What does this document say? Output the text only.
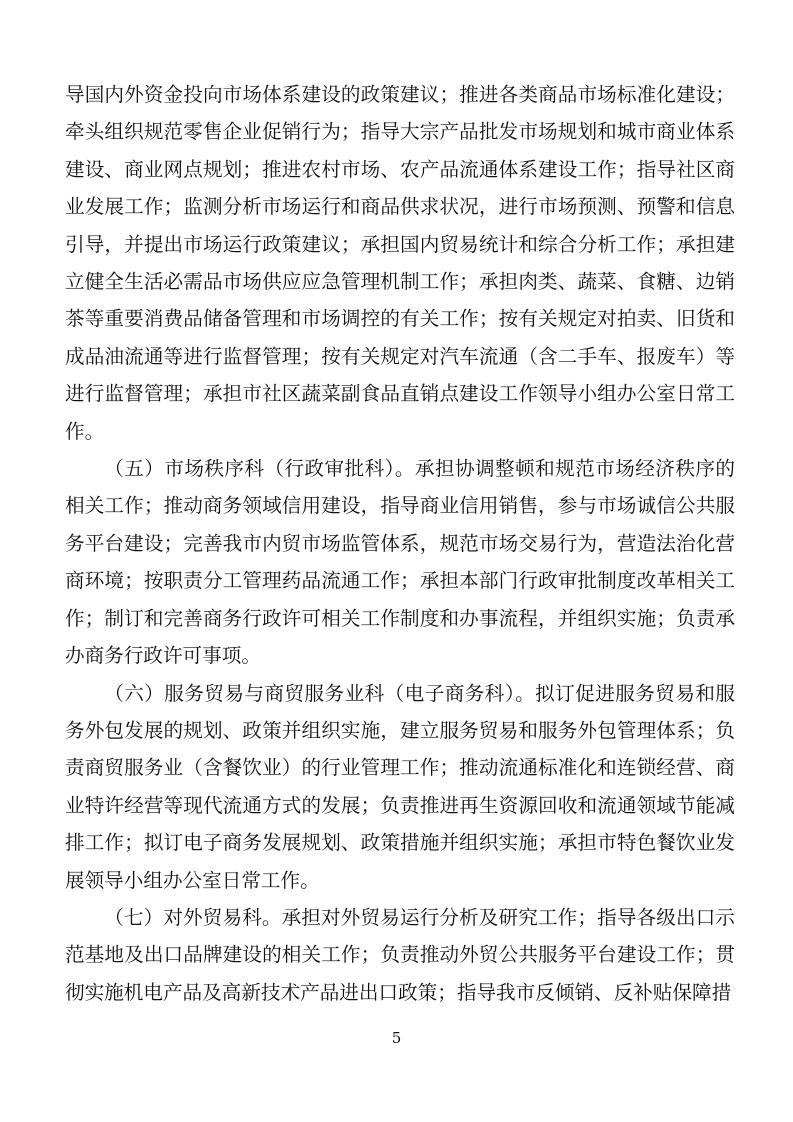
导国内外资金投向市场体系建设的政策建议；推进各类商品市场标准化建设；牵头组织规范零售企业促销行为；指导大宗产品批发市场规划和城市商业体系建设、商业网点规划；推进农村市场、农产品流通体系建设工作；指导社区商业发展工作；监测分析市场运行和商品供求状况，进行市场预测、预警和信息引导，并提出市场运行政策建议；承担国内贸易统计和综合分析工作；承担建立健全生活必需品市场供应应急管理机制工作；承担肉类、蔬菜、食糖、边销茶等重要消费品储备管理和市场调控的有关工作；按有关规定对拍卖、旧货和成品油流通等进行监督管理；按有关规定对汽车流通（含二手车、报废车）等进行监督管理；承担市社区蔬菜副食品直销点建设工作领导小组办公室日常工作。

（五）市场秩序科（行政审批科）。承担协调整顿和规范市场经济秩序的相关工作；推动商务领域信用建设，指导商业信用销售，参与市场诚信公共服务平台建设；完善我市内贸市场监管体系，规范市场交易行为，营造法治化营商环境；按职责分工管理药品流通工作；承担本部门行政审批制度改革相关工作；制订和完善商务行政许可相关工作制度和办事流程，并组织实施；负责承办商务行政许可事项。

（六）服务贸易与商贸服务业科（电子商务科）。拟订促进服务贸易和服务外包发展的规划、政策并组织实施，建立服务贸易和服务外包管理体系；负责商贸服务业（含餐饮业）的行业管理工作；推动流通标准化和连锁经营、商业特许经营等现代流通方式的发展；负责推进再生资源回收和流通领域节能减排工作；拟订电子商务发展规划、政策措施并组织实施；承担市特色餐饮业发展领导小组办公室日常工作。

（七）对外贸易科。承担对外贸易运行分析及研究工作；指导各级出口示范基地及出口品牌建设的相关工作；负责推动外贸公共服务平台建设工作；贯彻实施机电产品及高新技术产品进出口政策；指导我市反倾销、反补贴保障措

5
